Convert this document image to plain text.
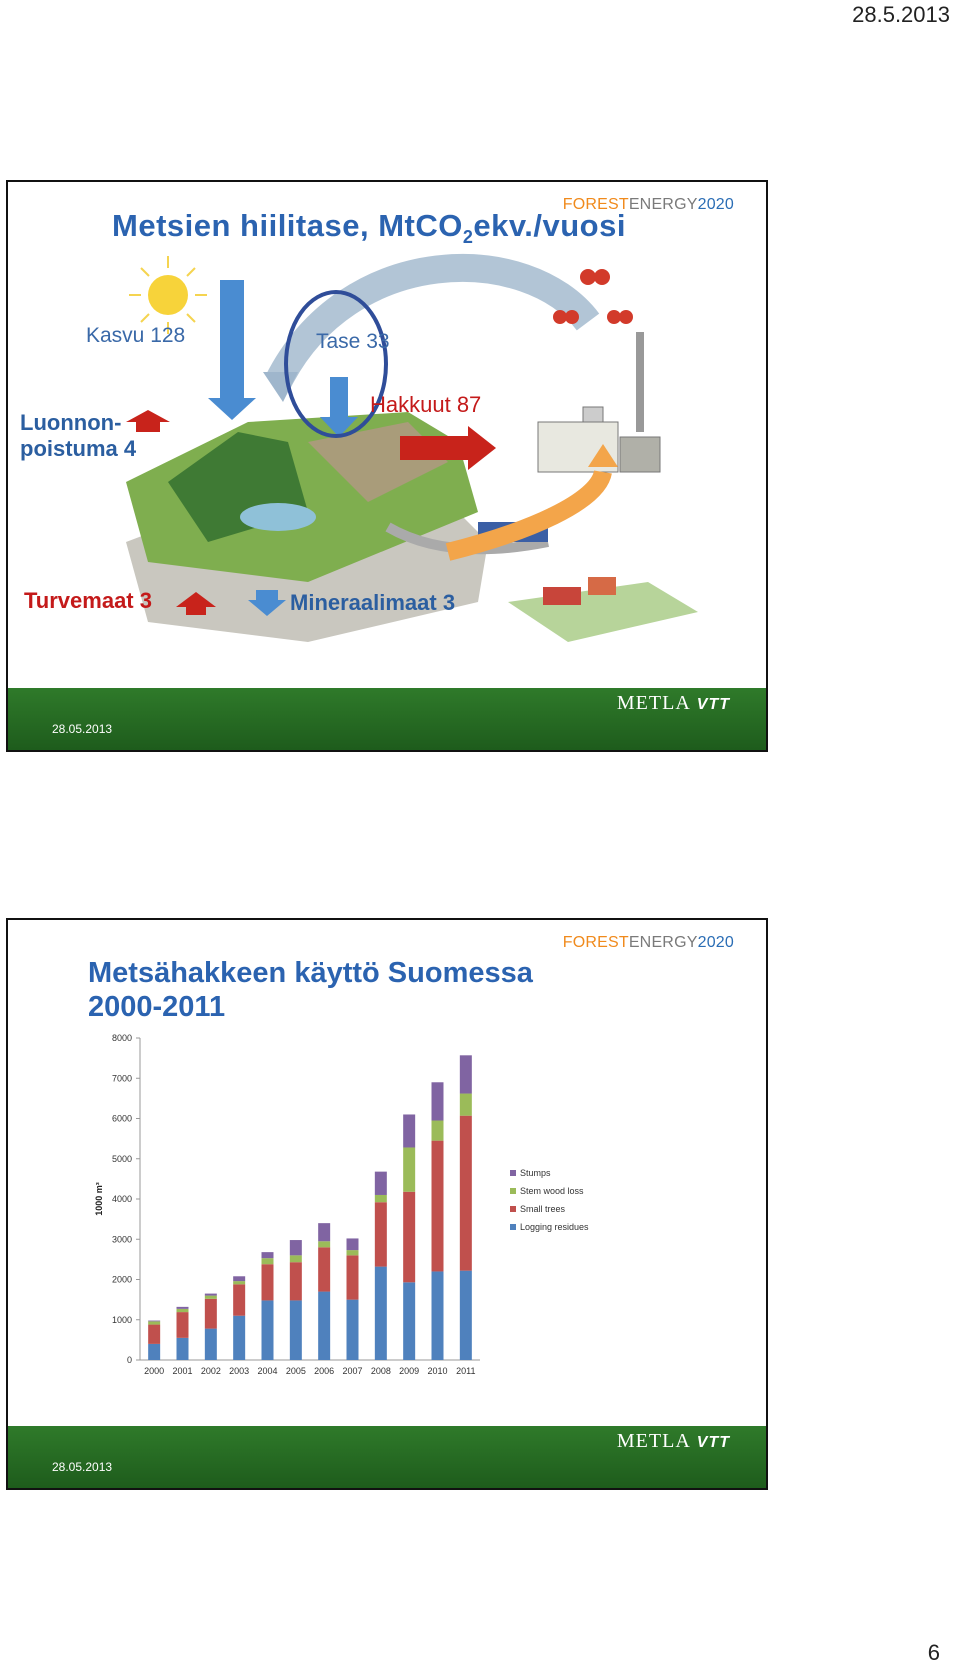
28.5.2013
FORESTENERGY2020
Metsien hiilitase, MtCO$_2$ekv./vuosi
Kasvu 128	Tase 33
Hakkuut 87
Luonnon-
poistuma 4
Turvemaat 3	Mineraalimaat 3
28.05.2013
METLA VTT
FORESTENERGY2020
Metsähakkeen käyttö Suomessa 2000-2011
0
1000
2000
3000
4000
5000
6000
7000
8000
1000 m³
2000 2001 2002 2003 2004 2005 2006 2007 2008 2009 2010 2011
Stumps
Stem wood loss
Small trees
Logging residues
28.05.2013
METLA VTT
6
